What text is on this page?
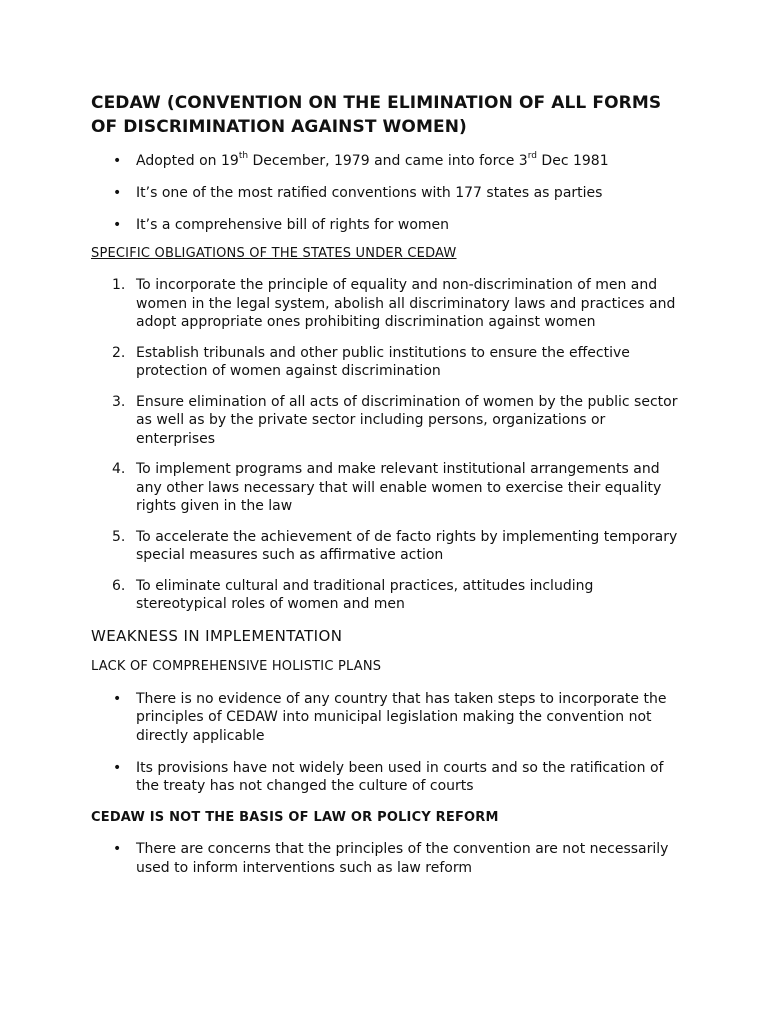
CEDAW (CONVENTION ON THE ELIMINATION OF ALL FORMS OF DISCRIMINATION AGAINST WOMEN)
• Adopted on 19th December, 1979 and came into force 3rd Dec 1981
• It’s one of the most ratified conventions with 177 states as parties
• It’s a comprehensive bill of rights for women
SPECIFIC OBLIGATIONS OF THE STATES UNDER CEDAW
1. To incorporate the principle of equality and non-discrimination of men and women in the legal system, abolish all discriminatory laws and practices and adopt appropriate ones prohibiting discrimination against women
2. Establish tribunals and other public institutions to ensure the effective protection of women against discrimination
3. Ensure elimination of all acts of discrimination of women by the public sector as well as by the private sector including persons, organizations or enterprises
4. To implement programs and make relevant institutional arrangements and any other laws necessary that will enable women to exercise their equality rights given in the law
5. To accelerate the achievement of de facto rights by implementing temporary special measures such as affirmative action
6. To eliminate cultural and traditional practices, attitudes including stereotypical roles of women and men
WEAKNESS IN IMPLEMENTATION
LACK OF COMPREHENSIVE HOLISTIC PLANS
• There is no evidence of any country that has taken steps to incorporate the principles of CEDAW into municipal legislation making the convention not directly applicable
• Its provisions have not widely been used in courts and so the ratification of the treaty has not changed the culture of courts
CEDAW IS NOT THE BASIS OF LAW OR POLICY REFORM
• There are concerns that the principles of the convention are not necessarily used to inform interventions such as law reform
